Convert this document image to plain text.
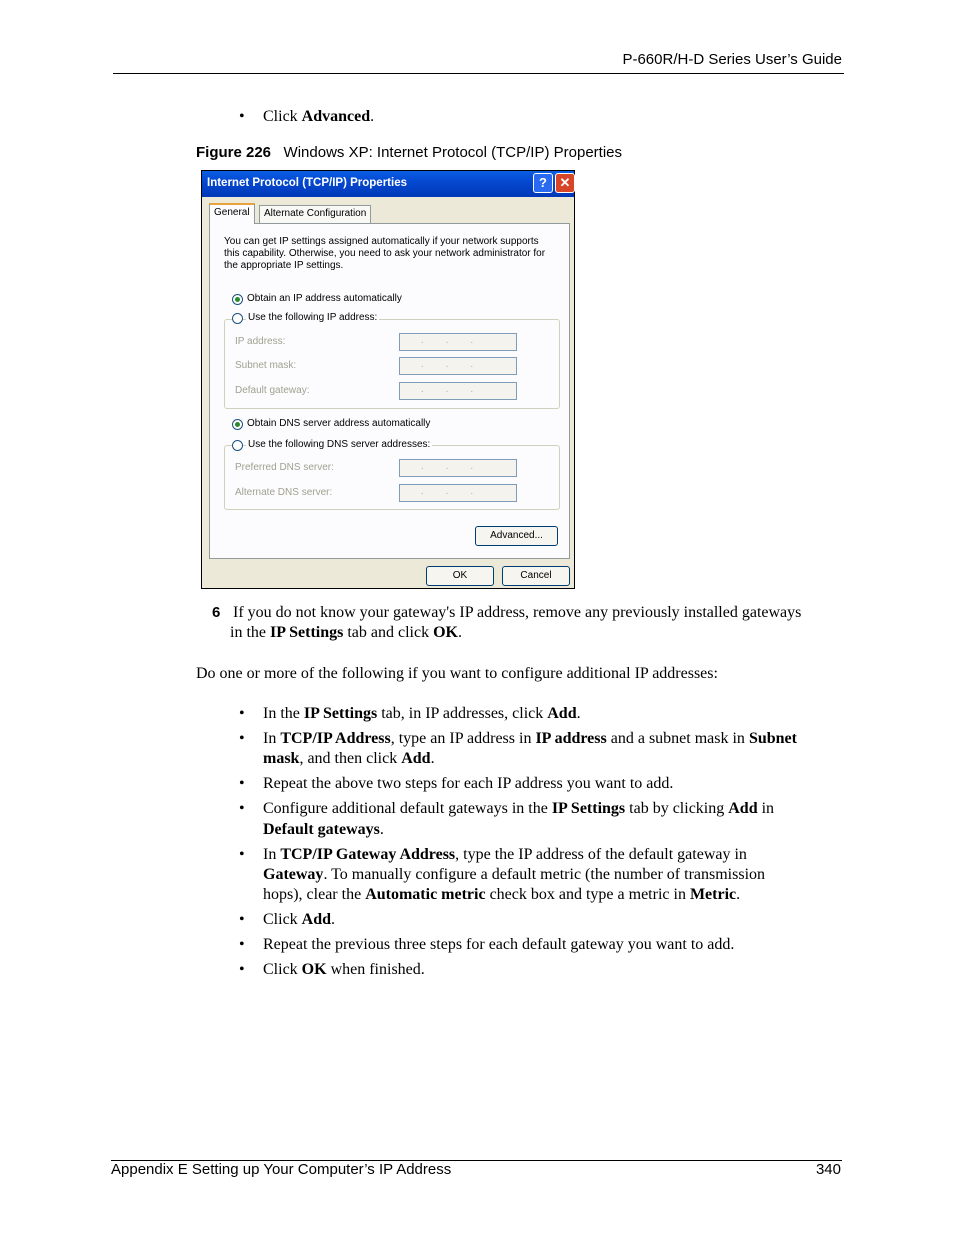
P-660R/H-D Series User’s Guide
• Click Advanced.
Figure 226 Windows XP: Internet Protocol (TCP/IP) Properties
Internet Protocol (TCP/IP) Properties	? ✕
General	Alternate Configuration
You can get IP settings assigned automatically if your network supports
this capability. Otherwise, you need to ask your network administrator for
the appropriate IP settings.
Obtain an IP address automatically
Use the following IP address:
IP address:	...
Subnet mask:	...
Default gateway:	...
Obtain DNS server address automatically
Use the following DNS server addresses:
Preferred DNS server:	...
Alternate DNS server:	...
Advanced...
OK	Cancel
6 If you do not know your gateway's IP address, remove any previously installed gateways
in the IP Settings tab and click OK.
Do one or more of the following if you want to configure additional IP addresses:
• In the IP Settings tab, in IP addresses, click Add.
• In TCP/IP Address, type an IP address in IP address and a subnet mask in Subnet
mask, and then click Add.
• Repeat the above two steps for each IP address you want to add.
• Configure additional default gateways in the IP Settings tab by clicking Add in
Default gateways.
• In TCP/IP Gateway Address, type the IP address of the default gateway in
Gateway. To manually configure a default metric (the number of transmission
hops), clear the Automatic metric check box and type a metric in Metric.
• Click Add.
• Repeat the previous three steps for each default gateway you want to add.
• Click OK when finished.
Appendix E Setting up Your Computer’s IP Address	340
